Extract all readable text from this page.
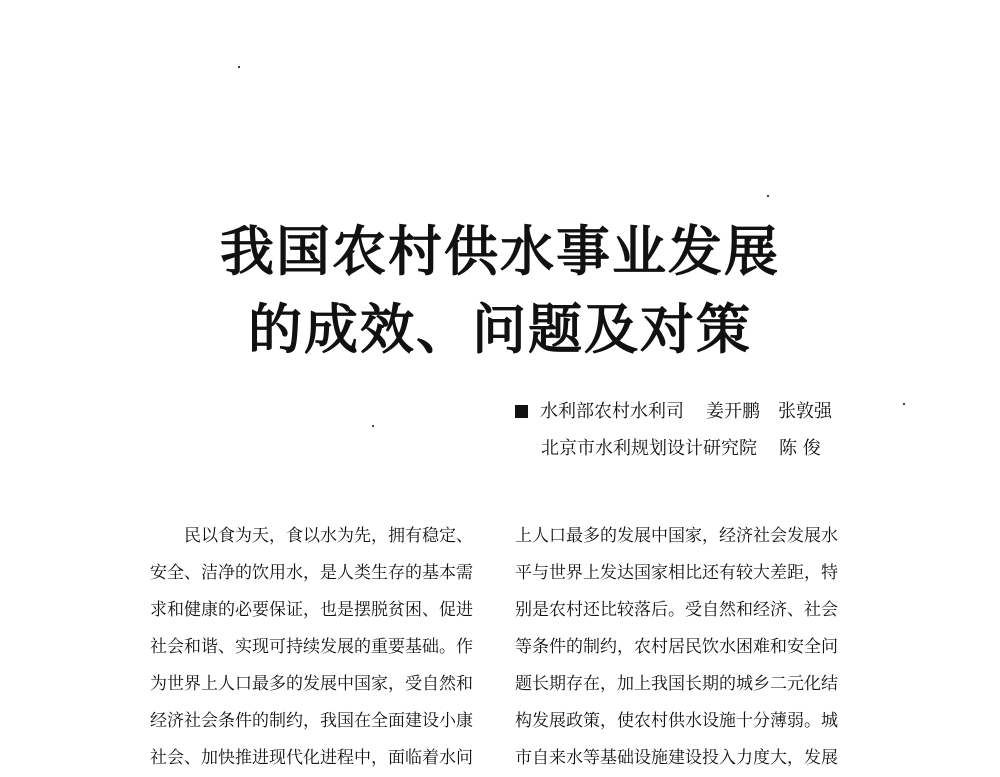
我国农村供水事业发展
的成效、问题及对策
水利部农村水利司 姜开鹏 张敦强
北京市水利规划设计研究院 陈 俊
民以食为天，食以水为先，拥有稳定、
安全、洁净的饮用水，是人类生存的基本需
求和健康的必要保证，也是摆脱贫困、促进
社会和谐、实现可持续发展的重要基础。作
为世界上人口最多的发展中国家，受自然和
经济社会条件的制约，我国在全面建设小康
社会、加快推进现代化进程中，面临着水问
上人口最多的发展中国家，经济社会发展水
平与世界上发达国家相比还有较大差距，特
别是农村还比较落后。受自然和经济、社会
等条件的制约，农村居民饮水困难和安全问
题长期存在，加上我国长期的城乡二元化结
构发展政策，使农村供水设施十分薄弱。城
市自来水等基础设施建设投入力度大，发展
